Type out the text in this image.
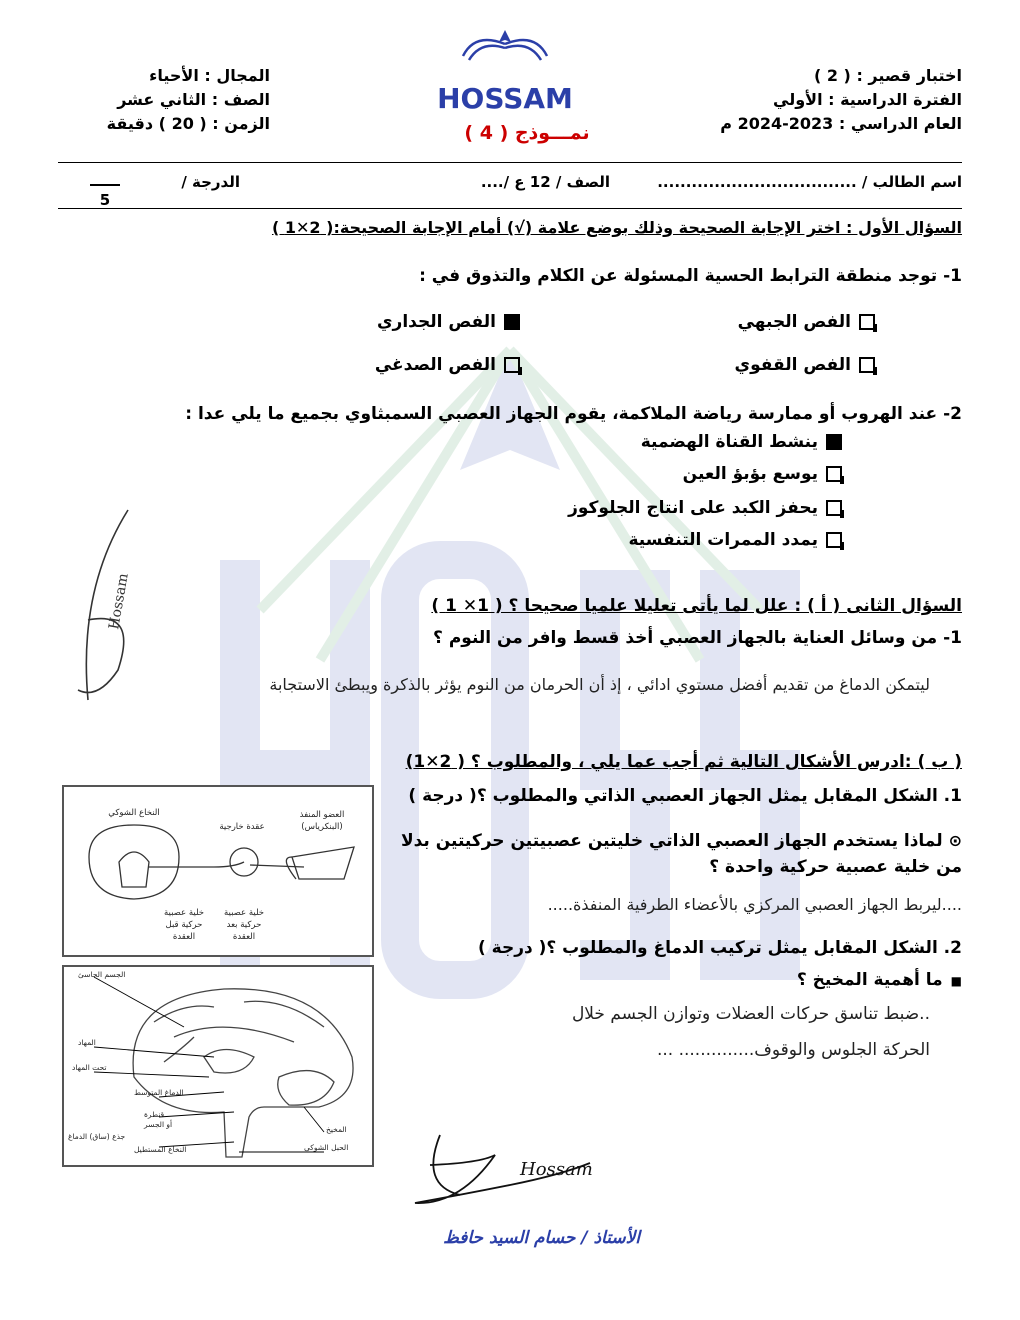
HOSSAM
اختبار قصير : ( 2 )
الفترة الدراسية : الأولي
العام الدراسي : 2023-2024 م
المجال : الأحياء
الصف : الثاني عشر
الزمن : ( 20 ) دقيقة	نمـــوذج ( 4 )
اسم الطالب / ...................................
الصف / 12 ع /....
الدرجة /
5
السؤال الأول : اختر الإجابة الصحيحة وذلك بوضع علامة (√) أمام الإجابة الصحيحة:( 2✕1 )
1- توجد منطقة الترابط الحسية المسئولة عن الكلام والتذوق في :
الفص الجبهي
الفص الجداري
الفص القفوي
الفص الصدغي
2- عند الهروب أو ممارسة رياضة الملاكمة، يقوم الجهاز العصبي السمبثاوي بجميع ما يلي عدا :
ينشط القناة الهضمية
يوسع بؤبؤ العين
يحفز الكبد على انتاج الجلوكوز
يمدد الممرات التنفسية
Hossam	السؤال الثانى ( أ ) : علل لما يأتى تعليلا علميا صحيحا ؟ ( 1✕ 1 )
1- من وسائل العناية بالجهاز العصبي أخذ قسط وافر من النوم ؟
ليتمكن الدماغ من تقديم أفضل مستوي ادائي ، إذ أن الحرمان من النوم يؤثر بالذكرة ويبطئ الاستجابة
( ب ) :ادرس الأشكال التالية ثم أجب عما يلي ، والمطلوب ؟ ( 2✕1)
1. الشكل المقابل يمثل الجهاز العصبي الذاتي والمطلوب ؟( درجة )
⊙لماذا يستخدم الجهاز العصبي الذاتي خليتين عصبيتين حركيتين بدلا من خلية عصبية حركية واحدة ؟
....ليربط الجهاز العصبي المركزي بالأعضاء الطرفية المنفذة.....
2. الشكل المقابل يمثل تركيب الدماغ والمطلوب ؟( درجة )
■ما أهمية المخيخ ؟
..ضبط تناسق حركات العضلات وتوازن الجسم خلال
الحركة الجلوس والوقوف.............. ...
النخاع الشوكي
عقدة خارجية
العضو المنفذ
(البنكرياس)
خلية عصبية
حركية قبل
العقدة
خلية عصبية
حركية بعد
العقدة
الجسم الجاسئ
المهاد
تحت المهاد
الدماغ المتوسط
قنطرة
أو الجسر
النخاع المستطيل
جذع (ساق) الدماغ
المخيخ
الحبل الشوكي
Hossam
الأستاذ / حسام السيد حافظ
